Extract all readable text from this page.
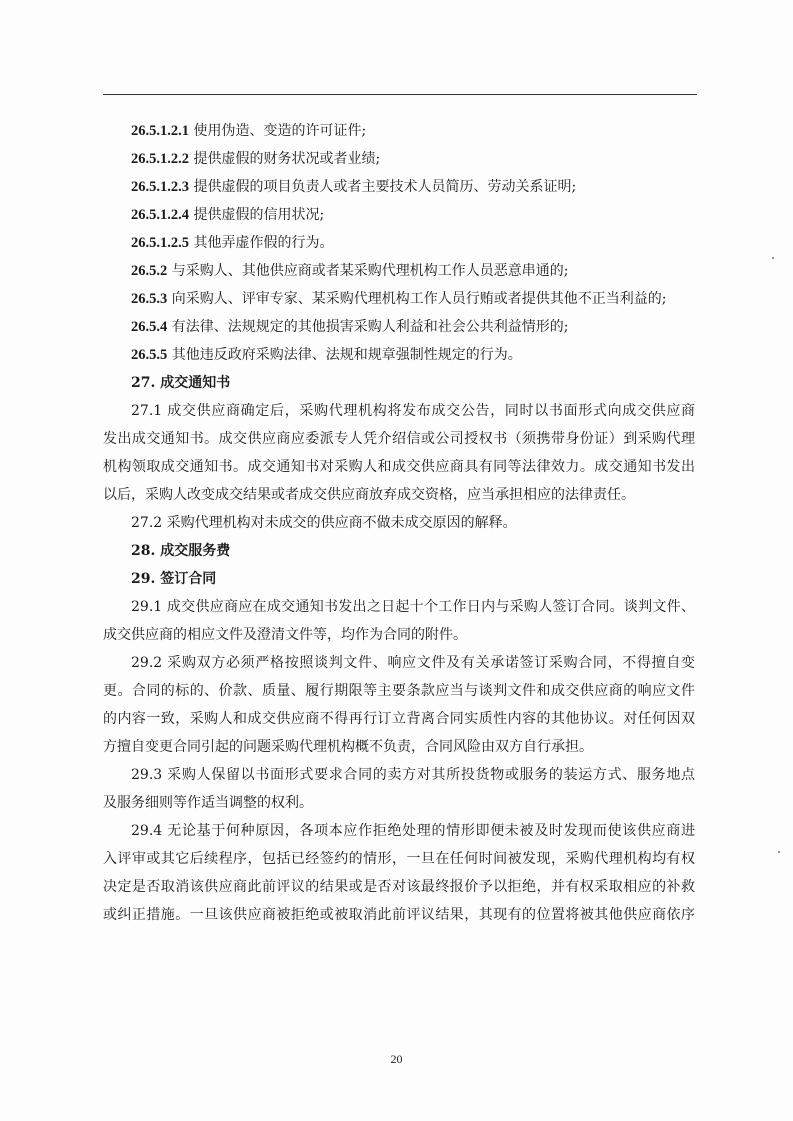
26.5.1.2.1 使用伪造、变造的许可证件;
26.5.1.2.2 提供虚假的财务状况或者业绩;
26.5.1.2.3 提供虚假的项目负责人或者主要技术人员简历、劳动关系证明;
26.5.1.2.4 提供虚假的信用状况;
26.5.1.2.5 其他弄虚作假的行为。
26.5.2 与采购人、其他供应商或者某采购代理机构工作人员恶意串通的;
26.5.3 向采购人、评审专家、某采购代理机构工作人员行贿或者提供其他不正当利益的;
26.5.4 有法律、法规规定的其他损害采购人利益和社会公共利益情形的;
26.5.5 其他违反政府采购法律、法规和规章强制性规定的行为。
27. 成交通知书
27.1 成交供应商确定后，采购代理机构将发布成交公告，同时以书面形式向成交供应商
发出成交通知书。成交供应商应委派专人凭介绍信或公司授权书（须携带身份证）到采购代理
机构领取成交通知书。成交通知书对采购人和成交供应商具有同等法律效力。成交通知书发出
以后，采购人改变成交结果或者成交供应商放弃成交资格，应当承担相应的法律责任。
27.2 采购代理机构对未成交的供应商不做未成交原因的解释。
28. 成交服务费
29. 签订合同
29.1 成交供应商应在成交通知书发出之日起十个工作日内与采购人签订合同。谈判文件、
成交供应商的相应文件及澄清文件等，均作为合同的附件。
29.2 采购双方必须严格按照谈判文件、响应文件及有关承诺签订采购合同，不得擅自变
更。合同的标的、价款、质量、履行期限等主要条款应当与谈判文件和成交供应商的响应文件
的内容一致，采购人和成交供应商不得再行订立背离合同实质性内容的其他协议。对任何因双
方擅自变更合同引起的问题采购代理机构概不负责，合同风险由双方自行承担。
29.3 采购人保留以书面形式要求合同的卖方对其所投货物或服务的装运方式、服务地点
及服务细则等作适当调整的权利。
29.4 无论基于何种原因，各项本应作拒绝处理的情形即便未被及时发现而使该供应商进
入评审或其它后续程序，包括已经签约的情形，一旦在任何时间被发现，采购代理机构均有权
决定是否取消该供应商此前评议的结果或是否对该最终报价予以拒绝，并有权采取相应的补救
或纠正措施。一旦该供应商被拒绝或被取消此前评议结果，其现有的位置将被其他供应商依序
20
